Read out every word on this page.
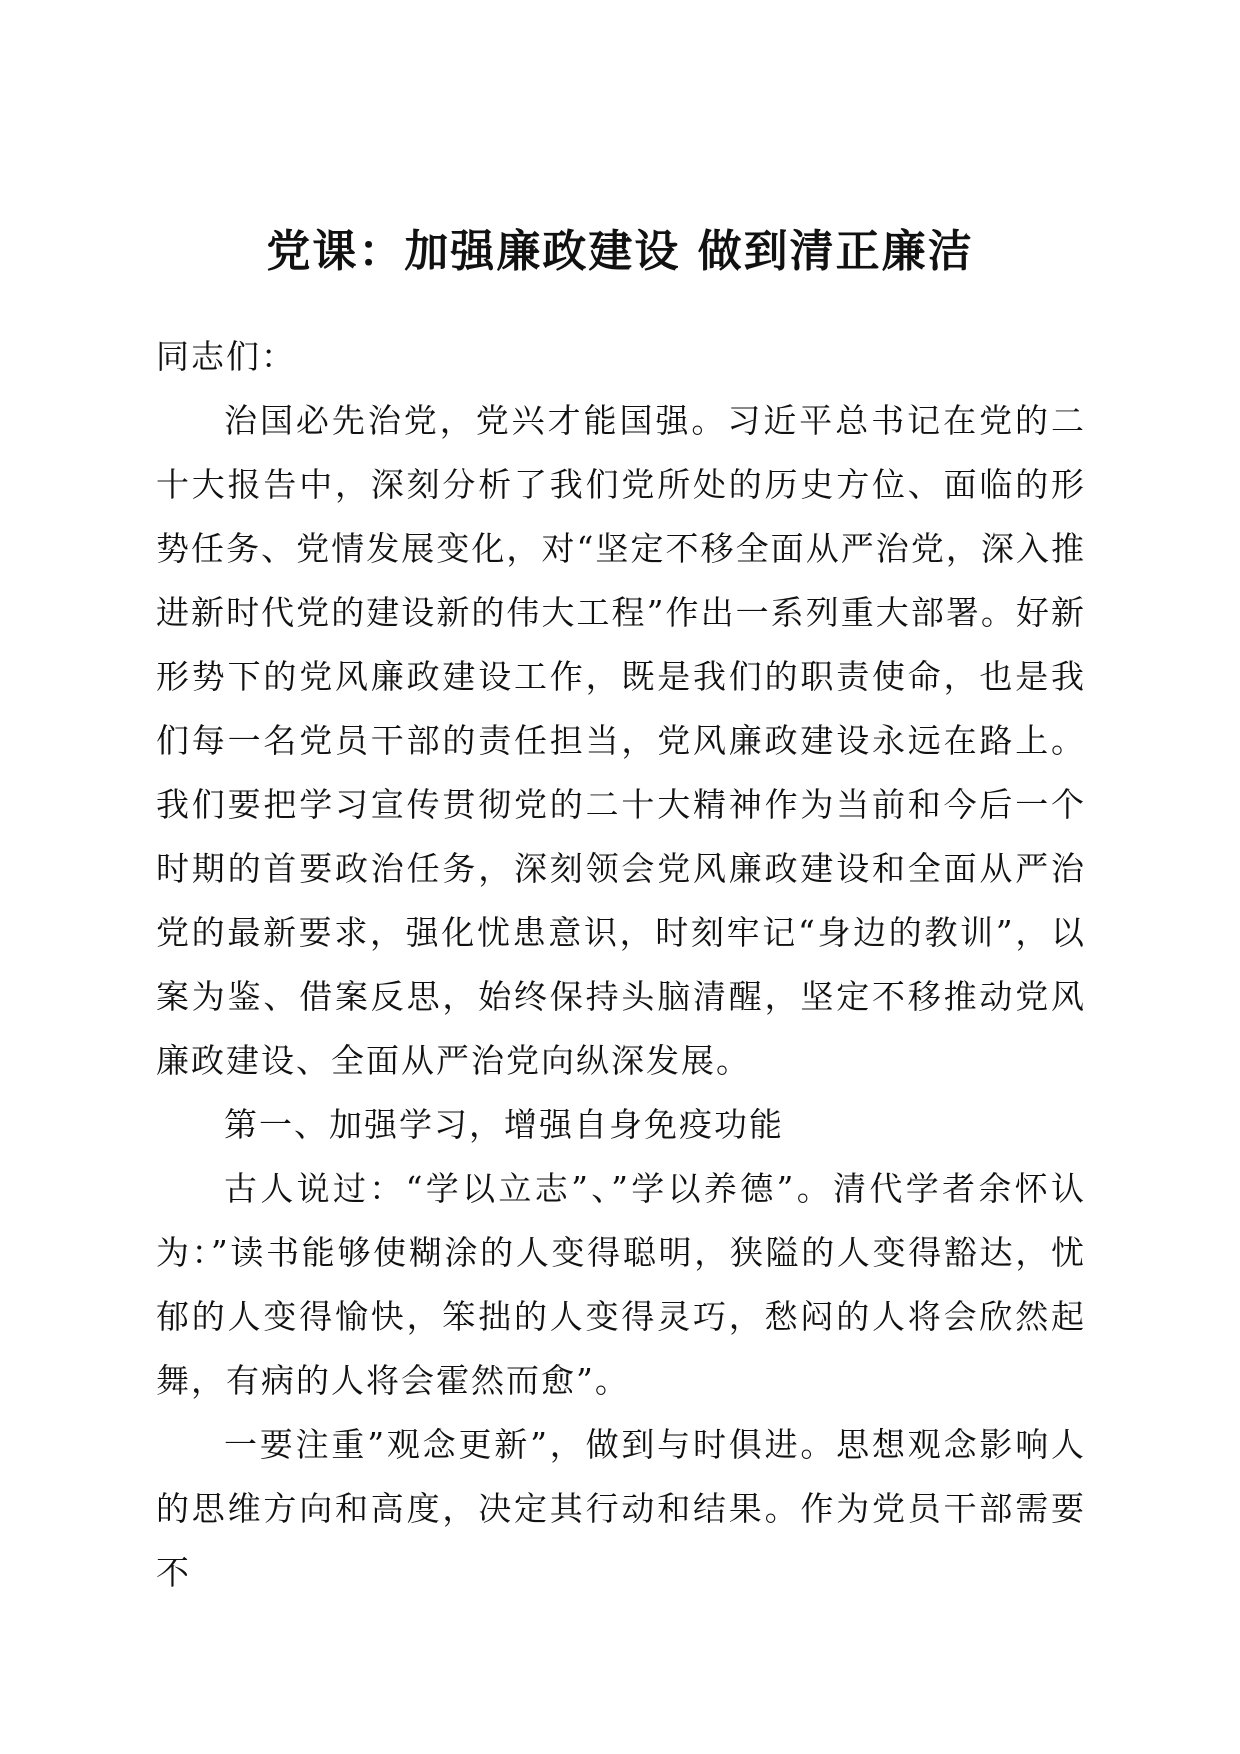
党课：加强廉政建设 做到清正廉洁

同志们：

治国必先治党，党兴才能国强。习近平总书记在党的二十大报告中，深刻分析了我们党所处的历史方位、面临的形势任务、党情发展变化，对“坚定不移全面从严治党，深入推进新时代党的建设新的伟大工程”作出一系列重大部署。好新形势下的党风廉政建设工作，既是我们的职责使命，也是我们每一名党员干部的责任担当，党风廉政建设永远在路上。我们要把学习宣传贯彻党的二十大精神作为当前和今后一个时期的首要政治任务，深刻领会党风廉政建设和全面从严治党的最新要求，强化忧患意识，时刻牢记“身边的教训”，以案为鉴、借案反思，始终保持头脑清醒，坚定不移推动党风廉政建设、全面从严治党向纵深发展。

第一、加强学习，增强自身免疫功能

古人说过：“学以立志”、”学以养德”。清代学者余怀认为：”读书能够使糊涂的人变得聪明，狭隘的人变得豁达，忧郁的人变得愉快，笨拙的人变得灵巧，愁闷的人将会欣然起舞，有病的人将会霍然而愈”。

一要注重”观念更新”，做到与时俱进。思想观念影响人的思维方向和高度，决定其行动和结果。作为党员干部需要不
